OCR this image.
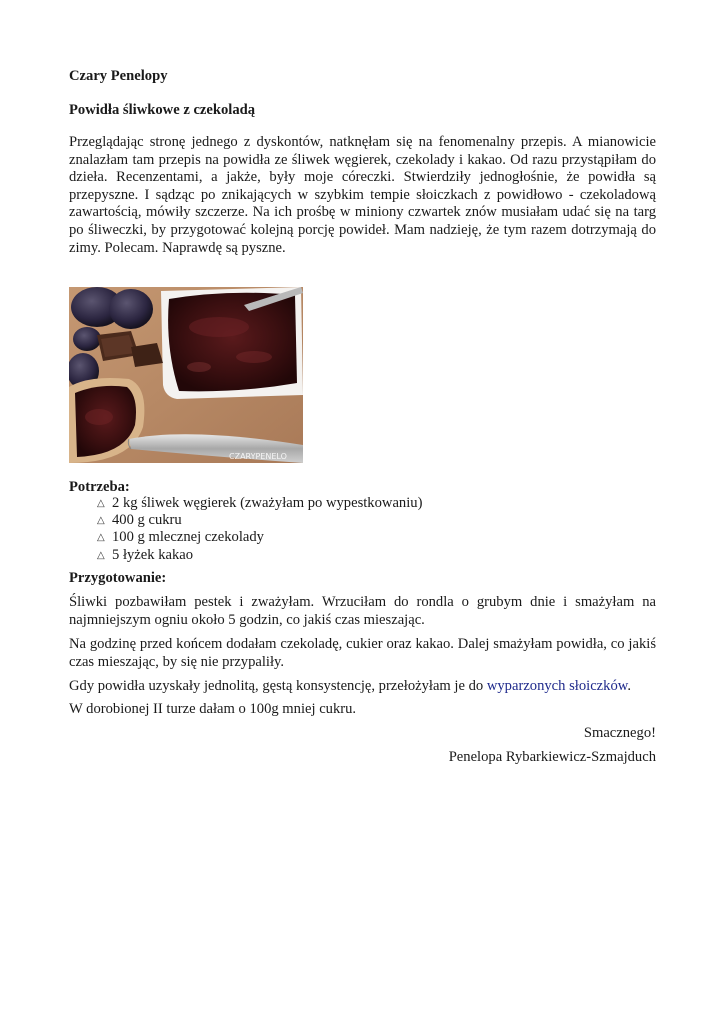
Czary Penelopy

Powidła śliwkowe z czekoladą

Przeglądając stronę jednego z dyskontów, natknęłam się na fenomenalny przepis. A mianowicie znalazłam tam przepis na powidła ze śliwek węgierek, czekolady i kakao. Od razu przystąpiłam do dzieła. Recenzentami, a jakże, były moje córeczki. Stwierdziły jednogłośnie, że powidła są przepyszne. I sądząc po znikających w szybkim tempie słoiczkach z powidłowo - czekoladową zawartością, mówiły szczerze. Na ich prośbę w miniony czwartek znów musiałam udać się na targ po śliweczki, by przygotować kolejną porcję powideł. Mam nadzieję, że tym razem dotrzymają do zimy. Polecam. Naprawdę są pyszne.

CZARYPENELO

Potrzeba:

△ 2 kg śliwek węgierek (zważyłam po wypestkowaniu)
△ 400 g cukru
△ 100 g mlecznej czekolady
△ 5 łyżek kakao

Przygotowanie:

Śliwki pozbawiłam pestek i zważyłam. Wrzuciłam do rondla o grubym dnie i smażyłam na najmniejszym ogniu około 5 godzin, co jakiś czas mieszając.

Na godzinę przed końcem dodałam czekoladę, cukier oraz kakao. Dalej smażyłam powidła, co jakiś czas mieszając, by się nie przypaliły.

Gdy powidła uzyskały jednolitą, gęstą konsystencję, przełożyłam je do wyparzonych słoiczków.

W dorobionej II turze dałam o 100g mniej cukru.

Smacznego!

Penelopa Rybarkiewicz-Szmajduch
